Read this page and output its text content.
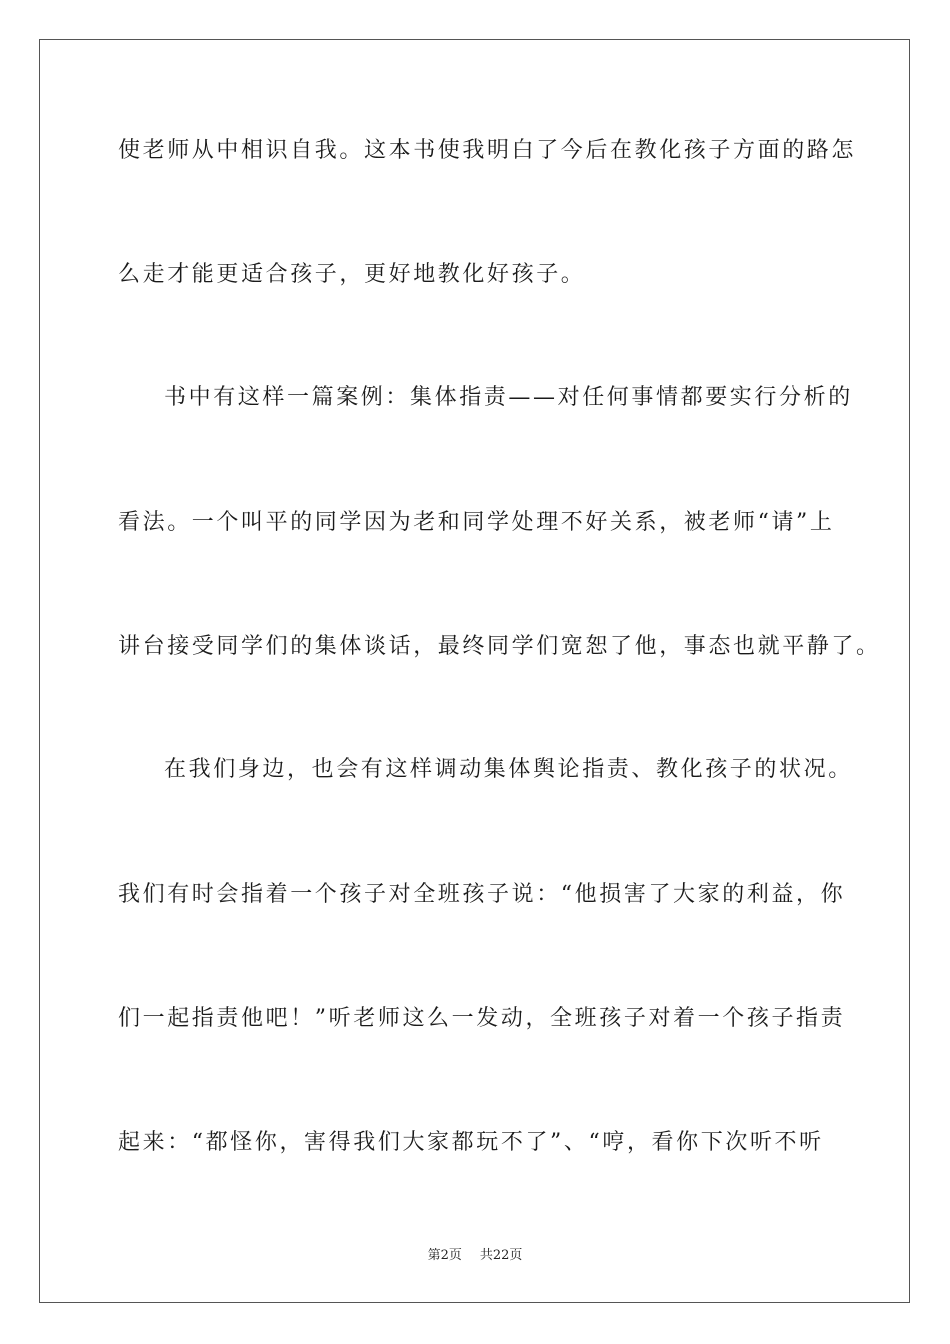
使老师从中相识自我。这本书使我明白了今后在教化孩子方面的路怎
么走才能更适合孩子，更好地教化好孩子。
书中有这样一篇案例：集体指责——对任何事情都要实行分析的
看法。一个叫平的同学因为老和同学处理不好关系，被老师“请”上
讲台接受同学们的集体谈话，最终同学们宽恕了他，事态也就平静了。
在我们身边，也会有这样调动集体舆论指责、教化孩子的状况。
我们有时会指着一个孩子对全班孩子说：“他损害了大家的利益，你
们一起指责他吧！”听老师这么一发动，全班孩子对着一个孩子指责
起来：“都怪你，害得我们大家都玩不了”、“哼，看你下次听不听
第2页 共22页
